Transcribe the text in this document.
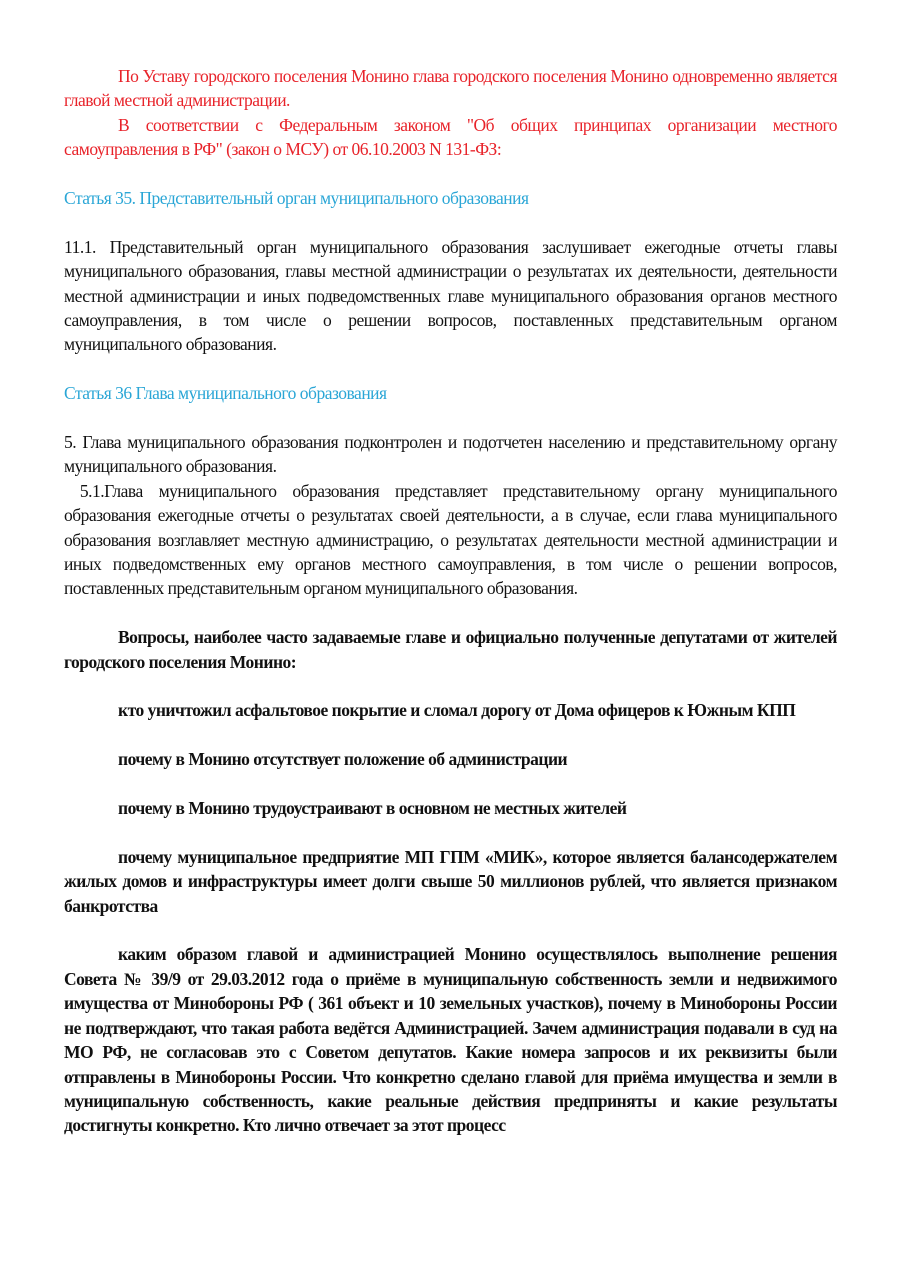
По Уставу городского поселения Монино глава городского поселения Монино одновременно является главой местной администрации.

В соответствии с Федеральным законом "Об общих принципах организации местного самоуправления в РФ" (закон о МСУ) от 06.10.2003 N 131-ФЗ:

Статья 35. Представительный орган муниципального образования

11.1. Представительный орган муниципального образования заслушивает ежегодные отчеты главы муниципального образования, главы местной администрации о результатах их деятельности, деятельности местной администрации и иных подведомственных главе муниципального образования органов местного самоуправления, в том числе о решении вопросов, поставленных представительным органом муниципального образования.

Статья 36 Глава муниципального образования

5. Глава муниципального образования подконтролен и подотчетен населению и представительному органу муниципального образования.

5.1.Глава муниципального образования представляет представительному органу муниципального образования ежегодные отчеты о результатах своей деятельности, а в случае, если глава муниципального образования возглавляет местную администрацию, о результатах деятельности местной администрации и иных подведомственных ему органов местного самоуправления, в том числе о решении вопросов, поставленных представительным органом муниципального образования.

Вопросы, наиболее часто задаваемые главе и официально полученные депутатами от жителей городского поселения Монино:

кто уничтожил асфальтовое покрытие и сломал дорогу от Дома офицеров к Южным КПП

почему в Монино отсутствует положение об администрации

почему в Монино трудоустраивают в основном не местных жителей

почему муниципальное предприятие МП ГПМ «МИК», которое является балансодержателем жилых домов и инфраструктуры имеет долги свыше 50 миллионов рублей, что является признаком банкротства

каким образом главой и администрацией Монино осуществлялось выполнение решения Совета № 39/9 от 29.03.2012 года о приёме в муниципальную собственность земли и недвижимого имущества от Минобороны РФ ( 361 объект и 10 земельных участков), почему в Минобороны России не подтверждают, что такая работа ведётся Администрацией. Зачем администрация подавали в суд на МО РФ, не согласовав это с Советом депутатов. Какие номера запросов и их реквизиты были отправлены в Минобороны России. Что конкретно сделано главой для приёма имущества и земли в муниципальную собственность, какие реальные действия предприняты и какие результаты достигнуты конкретно. Кто лично отвечает за этот процесс
